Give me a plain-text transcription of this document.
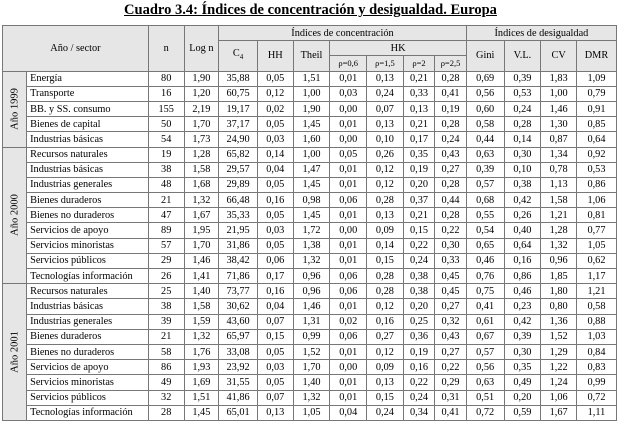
Cuadro 3.4: Índices de concentración y desigualdad. Europa
Año / sector		n	Log n	Índices de concentración							Índices de desigualdad			
				$C_4$	HH	Theil	HK				Gini	V.L.	CV	DMR
							ρ=0,6	ρ=1,5	ρ=2	ρ=2,5				

Año 1999	Energía	80	1,90	35,88	0,05	1,51	0,01	0,13	0,21	0,28	0,69	0,39	1,83	1,09
	Transporte	16	1,20	60,75	0,12	1,00	0,03	0,24	0,33	0,41	0,56	0,53	1,00	0,79
	BB. y SS. consumo	155	2,19	19,17	0,02	1,90	0,00	0,07	0,13	0,19	0,60	0,24	1,46	0,91
	Bienes de capital	50	1,70	37,17	0,05	1,45	0,01	0,13	0,21	0,28	0,58	0,28	1,30	0,85
	Industrias básicas	54	1,73	24,90	0,03	1,60	0,00	0,10	0,17	0,24	0,44	0,14	0,87	0,64

Año 2000	Recursos naturales	19	1,28	65,82	0,14	1,00	0,05	0,26	0,35	0,43	0,63	0,30	1,34	0,92
	Industrias básicas	38	1,58	29,57	0,04	1,47	0,01	0,12	0,19	0,27	0,39	0,10	0,78	0,53
	Industrias generales	48	1,68	29,89	0,05	1,45	0,01	0,12	0,20	0,28	0,57	0,38	1,13	0,86
	Bienes duraderos	21	1,32	66,48	0,16	0,98	0,06	0,28	0,37	0,44	0,68	0,42	1,58	1,06
	Bienes no duraderos	47	1,67	35,33	0,05	1,45	0,01	0,13	0,21	0,28	0,55	0,26	1,21	0,81
	Servicios de apoyo	89	1,95	21,95	0,03	1,72	0,00	0,09	0,15	0,22	0,54	0,40	1,28	0,77
	Servicios minoristas	57	1,70	31,86	0,05	1,38	0,01	0,14	0,22	0,30	0,65	0,64	1,32	1,05
	Servicios públicos	29	1,46	38,42	0,06	1,32	0,01	0,15	0,24	0,33	0,46	0,16	0,96	0,62
	Tecnologías información	26	1,41	71,86	0,17	0,96	0,06	0,28	0,38	0,45	0,76	0,86	1,85	1,17

Año 2001	Recursos naturales	25	1,40	73,77	0,16	0,96	0,06	0,28	0,38	0,45	0,75	0,46	1,80	1,21
	Industrias básicas	38	1,58	30,62	0,04	1,46	0,01	0,12	0,20	0,27	0,41	0,23	0,80	0,58
	Industrias generales	39	1,59	43,60	0,07	1,31	0,02	0,16	0,25	0,32	0,61	0,42	1,36	0,88
	Bienes duraderos	21	1,32	65,97	0,15	0,99	0,06	0,27	0,36	0,43	0,67	0,39	1,52	1,03
	Bienes no duraderos	58	1,76	33,08	0,05	1,52	0,01	0,12	0,19	0,27	0,57	0,30	1,29	0,84
	Servicios de apoyo	86	1,93	23,92	0,03	1,70	0,00	0,09	0,16	0,22	0,56	0,35	1,22	0,83
	Servicios minoristas	49	1,69	31,55	0,05	1,40	0,01	0,13	0,22	0,29	0,63	0,49	1,24	0,99
	Servicios públicos	32	1,51	41,86	0,07	1,32	0,01	0,15	0,24	0,31	0,51	0,20	1,06	0,72
	Tecnologías información	28	1,45	65,01	0,13	1,05	0,04	0,24	0,34	0,41	0,72	0,59	1,67	1,11
